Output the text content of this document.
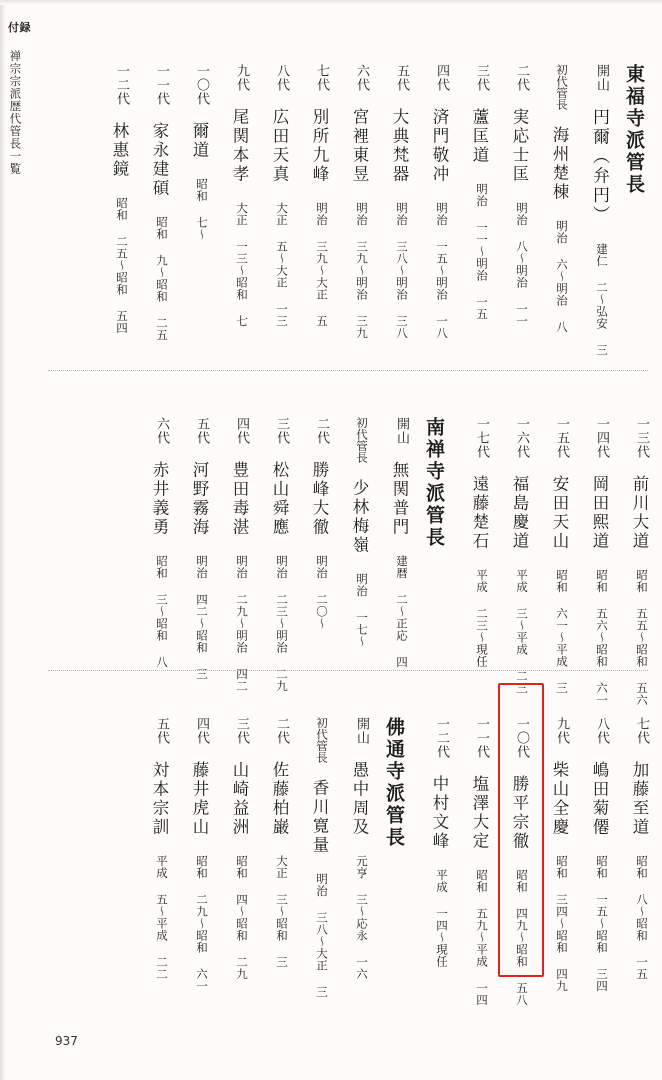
付録
禅宗宗派歴代管長一覧	東福寺派管長
開山
円爾（弁円）
建仁 二～弘安 三
初代管長
海州楚棟
明治 六～明治 八
二代
実応士匡
明治 八～明治 一一
三代
蘆匡道
明治 一一～明治 一五
四代
済門敬冲
明治 一五～明治 一八
五代
大典梵器
明治 三八～明治 三八
六代
宮裡東昱
明治 三九～明治 三九
七代
別所九峰
明治 三九～大正 五
八代
広田天真
大正 五～大正 一三
九代
尾関本孝
大正 一三～昭和 七
一〇代
爾道
昭和 七～
一一代
家永建碩
昭和 九～昭和 二五
一二代
林惠鏡
昭和 二五～昭和 五四
一三代
前川大道
昭和 五五～昭和 五六
一四代
岡田熙道
昭和 五六～昭和 六一
一五代
安田天山
昭和 六一～平成 三
一六代
福島慶道
平成 三～平成 二三
一七代
遠藤楚石
平成 二三～現任
南禅寺派管長
開山
無関普門
建暦 二～正応 四
初代管長
少林梅嶺
明治 一七～
二代
勝峰大徹
明治 二〇～
三代
松山舜應
明治 二三～明治 二九
四代
豊田毒湛
明治 二九～明治 四二
五代
河野霧海
明治 四二～昭和 三
六代
赤井義勇
昭和 三～昭和 八
七代
加藤至道
昭和 八～昭和 一五
八代
嶋田菊僊
昭和 一五～昭和 三四
九代
柴山全慶
昭和 三四～昭和 四九
一〇代
勝平宗徹
昭和 四九～昭和 五八
一一代
塩澤大定
昭和 五九～平成 一四
一二代
中村文峰
平成 一四～現任
佛通寺派管長
開山
愚中周及
元亨 三～応永 一六
初代管長
香川寛量
明治 三八～大正 三
二代
佐藤柏巌
大正 三～昭和 三
三代
山崎益洲
昭和 四～昭和 二九
四代
藤井虎山
昭和 二九～昭和 六一
五代
対本宗訓
平成 五～平成 二二
937
